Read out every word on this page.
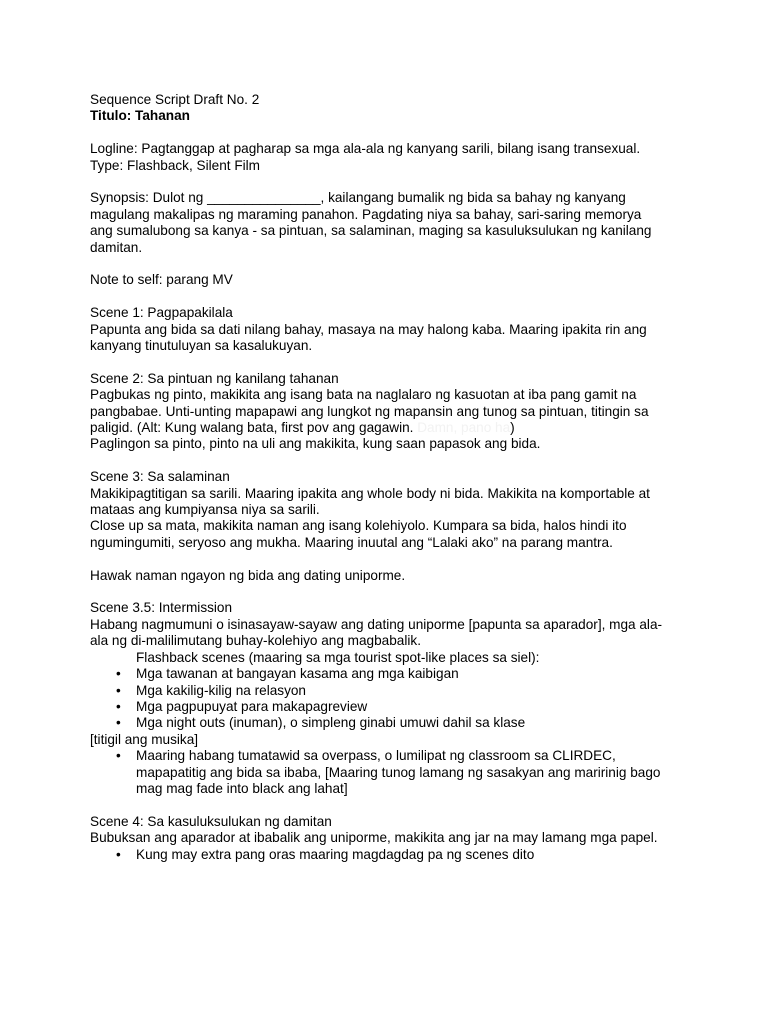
Sequence Script Draft No. 2
Titulo: Tahanan
Logline: Pagtanggap at pagharap sa mga ala-ala ng kanyang sarili, bilang isang transexual.
Type: Flashback, Silent Film
Synopsis: Dulot ng _______________, kailangang bumalik ng bida sa bahay ng kanyang
magulang makalipas ng maraming panahon. Pagdating niya sa bahay, sari-saring memorya
ang sumalubong sa kanya - sa pintuan, sa salaminan, maging sa kasuluksulukan ng kanilang
damitan.
Note to self: parang MV
Scene 1: Pagpapakilala
Papunta ang bida sa dati nilang bahay, masaya na may halong kaba. Maaring ipakita rin ang
kanyang tinutuluyan sa kasalukuyan.
Scene 2: Sa pintuan ng kanilang tahanan
Pagbukas ng pinto, makikita ang isang bata na naglalaro ng kasuotan at iba pang gamit na
pangbabae. Unti-unting mapapawi ang lungkot ng mapansin ang tunog sa pintuan, titingin sa
paligid. (Alt: Kung walang bata, first pov ang gagawin. Damn, pano ha)
Paglingon sa pinto, pinto na uli ang makikita, kung saan papasok ang bida.
Scene 3: Sa salaminan
Makikipagtitigan sa sarili. Maaring ipakita ang whole body ni bida. Makikita na komportable at
mataas ang kumpiyansa niya sa sarili.
Close up sa mata, makikita naman ang isang kolehiyolo. Kumpara sa bida, halos hindi ito
ngumingumiti, seryoso ang mukha. Maaring inuutal ang “Lalaki ako” na parang mantra.
Hawak naman ngayon ng bida ang dating uniporme.
Scene 3.5: Intermission
Habang nagmumuni o isinasayaw-sayaw ang dating uniporme [papunta sa aparador], mga ala-
ala ng di-malilimutang buhay-kolehiyo ang magbabalik.
Flashback scenes (maaring sa mga tourist spot-like places sa siel):
• Mga tawanan at bangayan kasama ang mga kaibigan
• Mga kakilig-kilig na relasyon
• Mga pagpupuyat para makapagreview
• Mga night outs (inuman), o simpleng ginabi umuwi dahil sa klase
[titigil ang musika]
• Maaring habang tumatawid sa overpass, o lumilipat ng classroom sa CLIRDEC,
mapapatitig ang bida sa ibaba, [Maaring tunog lamang ng sasakyan ang maririnig bago
mag mag fade into black ang lahat]
Scene 4: Sa kasuluksulukan ng damitan
Bubuksan ang aparador at ibabalik ang uniporme, makikita ang jar na may lamang mga papel.
• Kung may extra pang oras maaring magdagdag pa ng scenes dito
